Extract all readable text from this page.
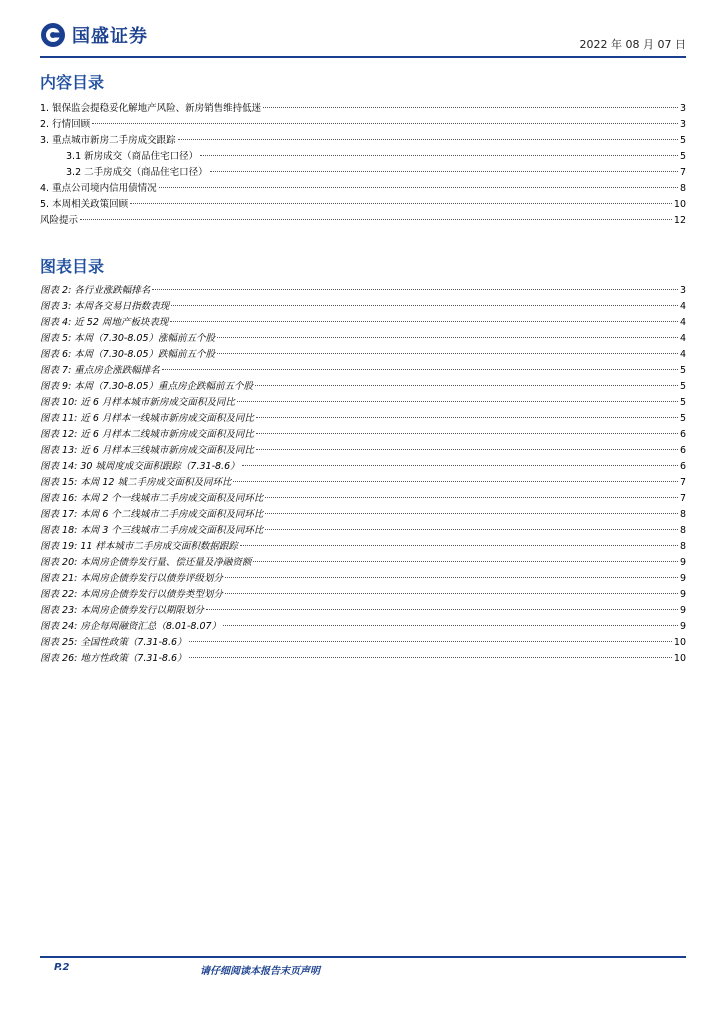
国盛证券	2022 年 08 月 07 日
内容目录
1. 银保监会提稳妥化解地产风险、新房销售维持低迷	3
2. 行情回顾	3
3. 重点城市新房二手房成交跟踪	5
3.1 新房成交（商品住宅口径）	5
3.2 二手房成交（商品住宅口径）	7
4. 重点公司境内信用债情况	8
5. 本周相关政策回顾	10
风险提示	12
图表目录
图表 2: 各行业涨跌幅排名	3
图表 3: 本周各交易日指数表现	4
图表 4: 近 52 周地产板块表现	4
图表 5: 本周（7.30-8.05）涨幅前五个股	4
图表 6: 本周（7.30-8.05）跌幅前五个股	4
图表 7: 重点房企涨跌幅排名	5
图表 9: 本周（7.30-8.05）重点房企跌幅前五个股	5
图表 10: 近 6 月样本城市新房成交面积及同比	5
图表 11: 近 6 月样本一线城市新房成交面积及同比	5
图表 12: 近 6 月样本二线城市新房成交面积及同比	6
图表 13: 近 6 月样本三线城市新房成交面积及同比	6
图表 14: 30 城周度成交面积跟踪（7.31-8.6）	6
图表 15: 本周 12 城二手房成交面积及同环比	7
图表 16: 本周 2 个一线城市二手房成交面积及同环比	7
图表 17: 本周 6 个二线城市二手房成交面积及同环比	8
图表 18: 本周 3 个三线城市二手房成交面积及同环比	8
图表 19: 11 样本城市二手房成交面积数据跟踪	8
图表 20: 本周房企债券发行量、偿还量及净融资额	9
图表 21: 本周房企债券发行以债券评级划分	9
图表 22: 本周房企债券发行以债券类型划分	9
图表 23: 本周房企债券发行以期限划分	9
图表 24: 房企每周融资汇总（8.01-8.07）	9
图表 25: 全国性政策（7.31-8.6）	10
图表 26: 地方性政策（7.31-8.6）	10
P.2	请仔细阅读本报告末页声明
